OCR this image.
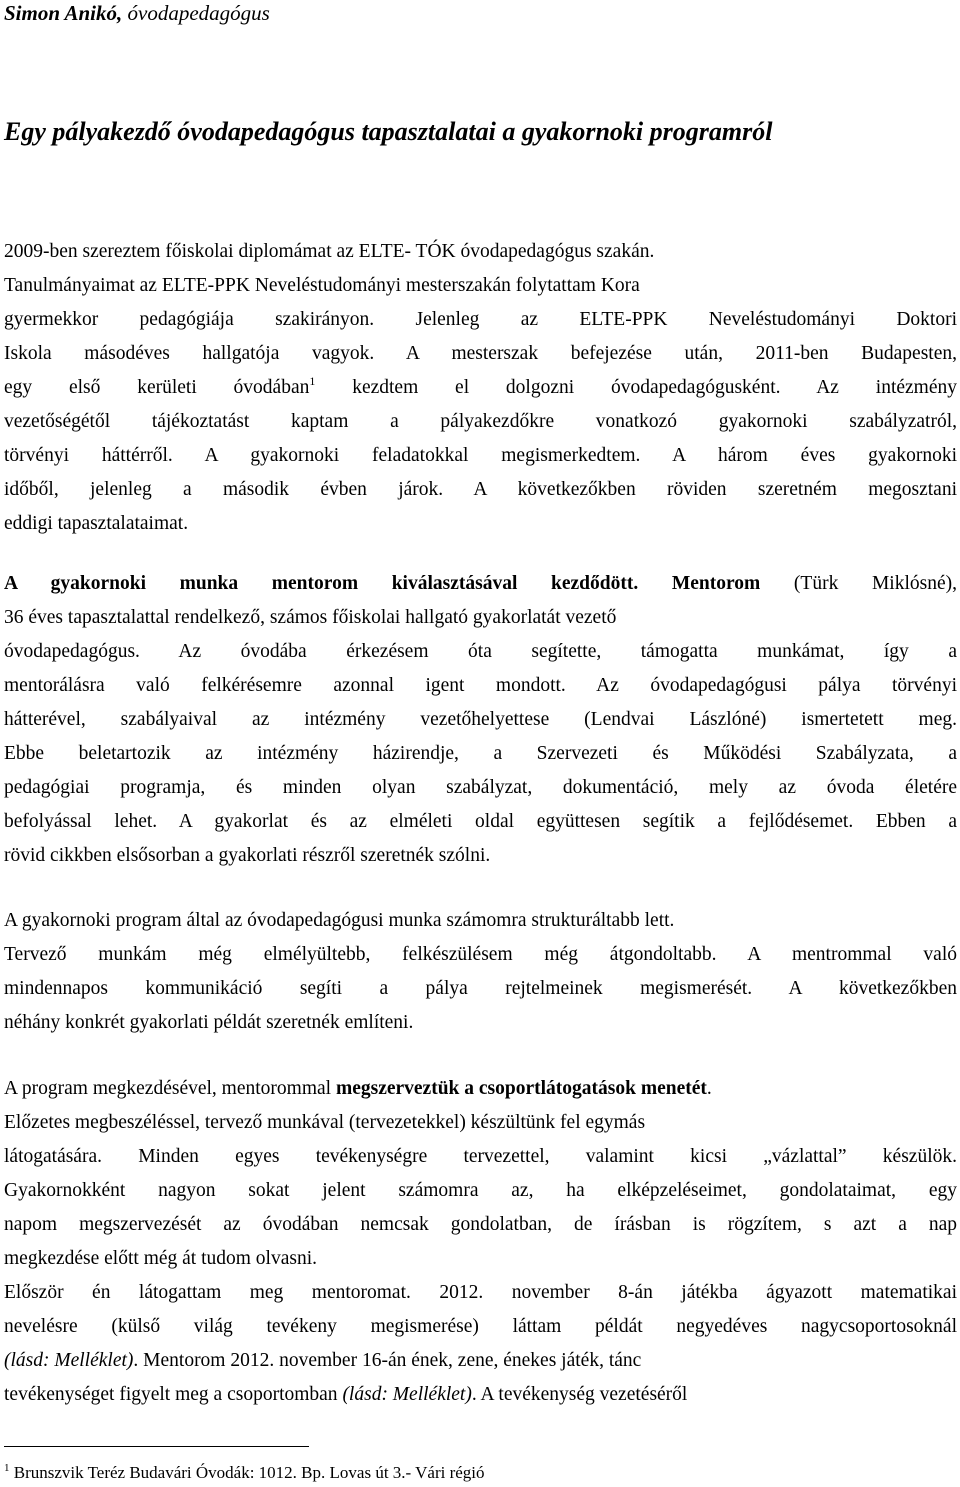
Simon Anikó, óvodapedagógus
Egy pályakezdő óvodapedagógus tapasztalatai a gyakornoki programról
2009-ben szereztem főiskolai diplomámat az ELTE- TÓK óvodapedagógus szakán.
Tanulmányaimat az ELTE-PPK Neveléstudományi mesterszakán folytattam Kora
gyermekkor pedagógiája szakirányon. Jelenleg az ELTE-PPK Neveléstudományi Doktori
Iskola másodéves hallgatója vagyok. A mesterszak befejezése után, 2011-ben Budapesten,
egy első kerületi óvodában$^1$ kezdtem el dolgozni óvodapedagógusként. Az intézmény
vezetőségétől tájékoztatást kaptam a pályakezdőkre vonatkozó gyakornoki szabályzatról,
törvényi háttérről. A gyakornoki feladatokkal megismerkedtem. A három éves gyakornoki
időből, jelenleg a második évben járok. A következőkben röviden szeretném megosztani
eddigi tapasztalataimat.
A gyakornoki munka mentorom kiválasztásával kezdődött. Mentorom (Türk Miklósné),
36 éves tapasztalattal rendelkező, számos főiskolai hallgató gyakorlatát vezető
óvodapedagógus. Az óvodába érkezésem óta segítette, támogatta munkámat, így a
mentorálásra való felkérésemre azonnal igent mondott. Az óvodapedagógusi pálya törvényi
hátterével, szabályaival az intézmény vezetőhelyettese (Lendvai Lászlóné) ismertetett meg.
Ebbe beletartozik az intézmény házirendje, a Szervezeti és Működési Szabályzata, a
pedagógiai programja, és minden olyan szabályzat, dokumentáció, mely az óvoda életére
befolyással lehet. A gyakorlat és az elméleti oldal együttesen segítik a fejlődésemet. Ebben a
rövid cikkben elsősorban a gyakorlati részről szeretnék szólni.
A gyakornoki program által az óvodapedagógusi munka számomra strukturáltabb lett.
Tervező munkám még elmélyültebb, felkészülésem még átgondoltabb. A mentrommal való
mindennapos kommunikáció segíti a pálya rejtelmeinek megismerését. A következőkben
néhány konkrét gyakorlati példát szeretnék említeni.
A program megkezdésével, mentorommal megszerveztük a csoportlátogatások menetét.
Előzetes megbeszéléssel, tervező munkával (tervezetekkel) készültünk fel egymás
látogatására. Minden egyes tevékenységre tervezettel, valamint kicsi „vázlattal” készülök.
Gyakornokként nagyon sokat jelent számomra az, ha elképzeléseimet, gondolataimat, egy
napom megszervezését az óvodában nemcsak gondolatban, de írásban is rögzítem, s azt a nap
megkezdése előtt még át tudom olvasni.
Először én látogattam meg mentoromat. 2012. november 8-án játékba ágyazott matematikai
nevelésre (külső világ tevékeny megismerése) láttam példát negyedéves nagycsoportosoknál
(lásd: Melléklet). Mentorom 2012. november 16-án ének, zene, énekes játék, tánc
tevékenységet figyelt meg a csoportomban (lásd: Melléklet). A tevékenység vezetéséről
$^1$ Brunszvik Teréz Budavári Óvodák: 1012. Bp. Lovas út 3.- Vári régió
